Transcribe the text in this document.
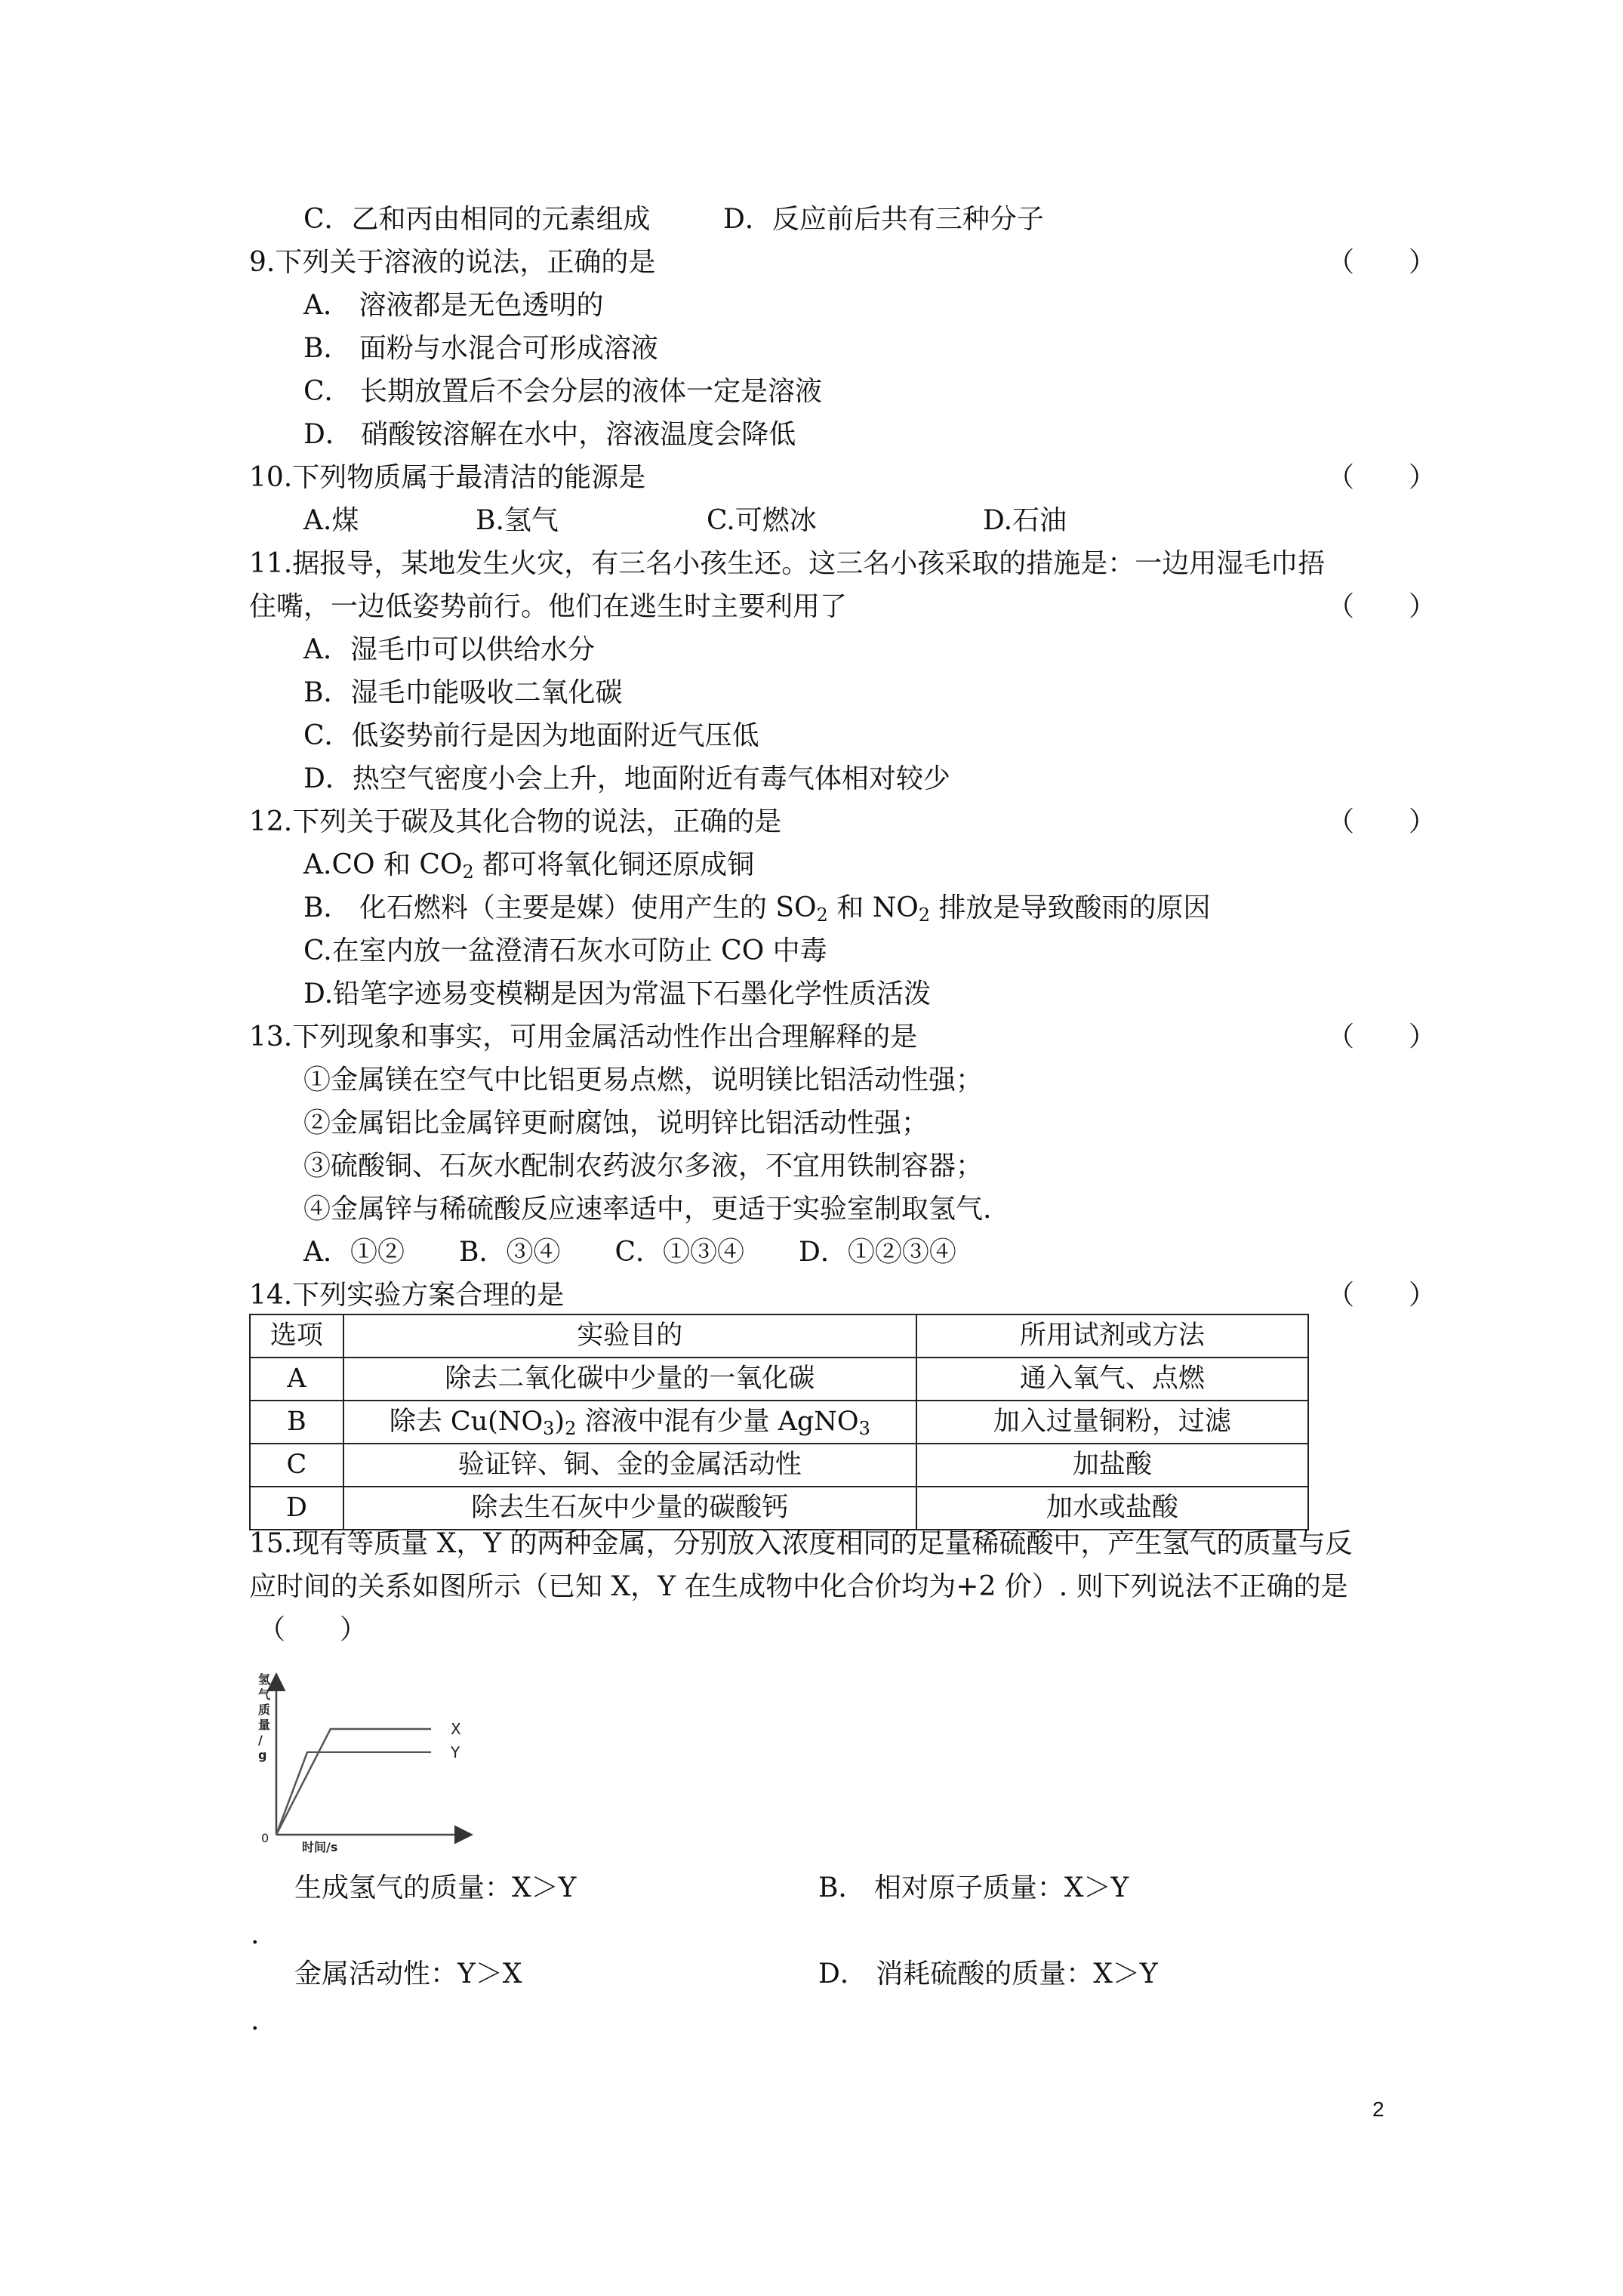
C．乙和丙由相同的元素组成	D．反应前后共有三种分子
9.下列关于溶液的说法，正确的是	（　　）
A． 溶液都是无色透明的
B． 面粉与水混合可形成溶液
C． 长期放置后不会分层的液体一定是溶液
D． 硝酸铵溶解在水中，溶液温度会降低
10.下列物质属于最清洁的能源是	（　　）
A.煤	B.氢气	C.可燃冰	D.石油
11.据报导，某地发生火灾，有三名小孩生还。这三名小孩采取的措施是：一边用湿毛巾捂
住嘴，一边低姿势前行。他们在逃生时主要利用了	（　　）
A．湿毛巾可以供给水分
B．湿毛巾能吸收二氧化碳
C．低姿势前行是因为地面附近气压低
D．热空气密度小会上升，地面附近有毒气体相对较少
12.下列关于碳及其化合物的说法，正确的是	（　　）
A.CO 和 $CO_2$ 都可将氧化铜还原成铜
B． 化石燃料（主要是媒）使用产生的 $SO_2$ 和 $NO_2$ 排放是导致酸雨的原因
C.在室内放一盆澄清石灰水可防止 CO 中毒
D.铅笔字迹易变模糊是因为常温下石墨化学性质活泼
13.下列现象和事实，可用金属活动性作出合理解释的是	（　　）
①金属镁在空气中比铝更易点燃，说明镁比铝活动性强；
②金属铝比金属锌更耐腐蚀，说明锌比铝活动性强；
③硫酸铜、石灰水配制农药波尔多液，不宜用铁制容器；
④金属锌与稀硫酸反应速率适中，更适于实验室制取氢气.
A．①②　　B．③④　　C．①③④　　D．①②③④
14.下列实验方案合理的是	（　　）
选项	实验目的	所用试剂或方法
A	除去二氧化碳中少量的一氧化碳	通入氧气、点燃
B	除去 $Cu(NO_3)_2$ 溶液中混有少量 AgNO$_3$	加入过量铜粉，过滤
C	验证锌、铜、金的金属活动性	加盐酸
D	除去生石灰中少量的碳酸钙	加水或盐酸
15.现有等质量 X，Y 的两种金属，分别放入浓度相同的足量稀硫酸中，产生氢气的质量与反
应时间的关系如图所示（已知 X，Y 在生成物中化合价均为+2 价）. 则下列说法不正确的是
（　　）
氢气质量/ g
时间/s
0
X
Y
生成氢气的质量：X＞Y	B． 相对原子质量：X＞Y
.
金属活动性：Y＞X	D． 消耗硫酸的质量：X＞Y
.
2
